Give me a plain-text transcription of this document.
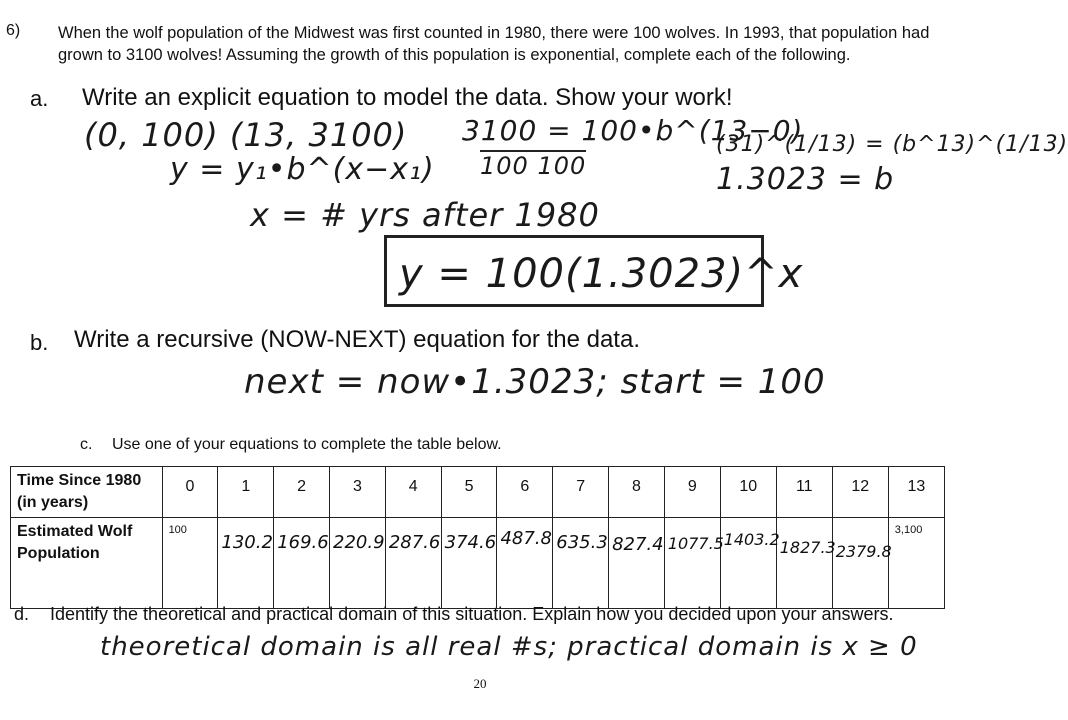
6) When the wolf population of the Midwest was first counted in 1980, there were 100 wolves. In 1993, that population had grown to 3100 wolves! Assuming the growth of this population is exponential, complete each of the following.
a. Write an explicit equation to model the data. Show your work!
(0, 100) (13, 3100)
y = y₁•b^(x−x₁)
3100 = 100•b^(13−0)
100 100
(31)^(1/13) = (b^13)^(1/13)
1.3023 = b
x = # yrs after 1980
y = 100(1.3023)^x
b. Write a recursive (NOW-NEXT) equation for the data.
next = now•1.3023; start = 100
c. Use one of your equations to complete the table below.
Time Since 1980 (in years)	0	1	2	3	4	5	6	7	8	9	10	11	12	13
Estimated Wolf Population	100	130.2	169.6	220.9	287.6	374.6	487.8	635.3	827.4	1077.5	1403.2	1827.3	2379.8	3,100
d. Identify the theoretical and practical domain of this situation. Explain how you decided upon your answers.
theoretical domain is all real #s; practical domain is x ≥ 0
20
